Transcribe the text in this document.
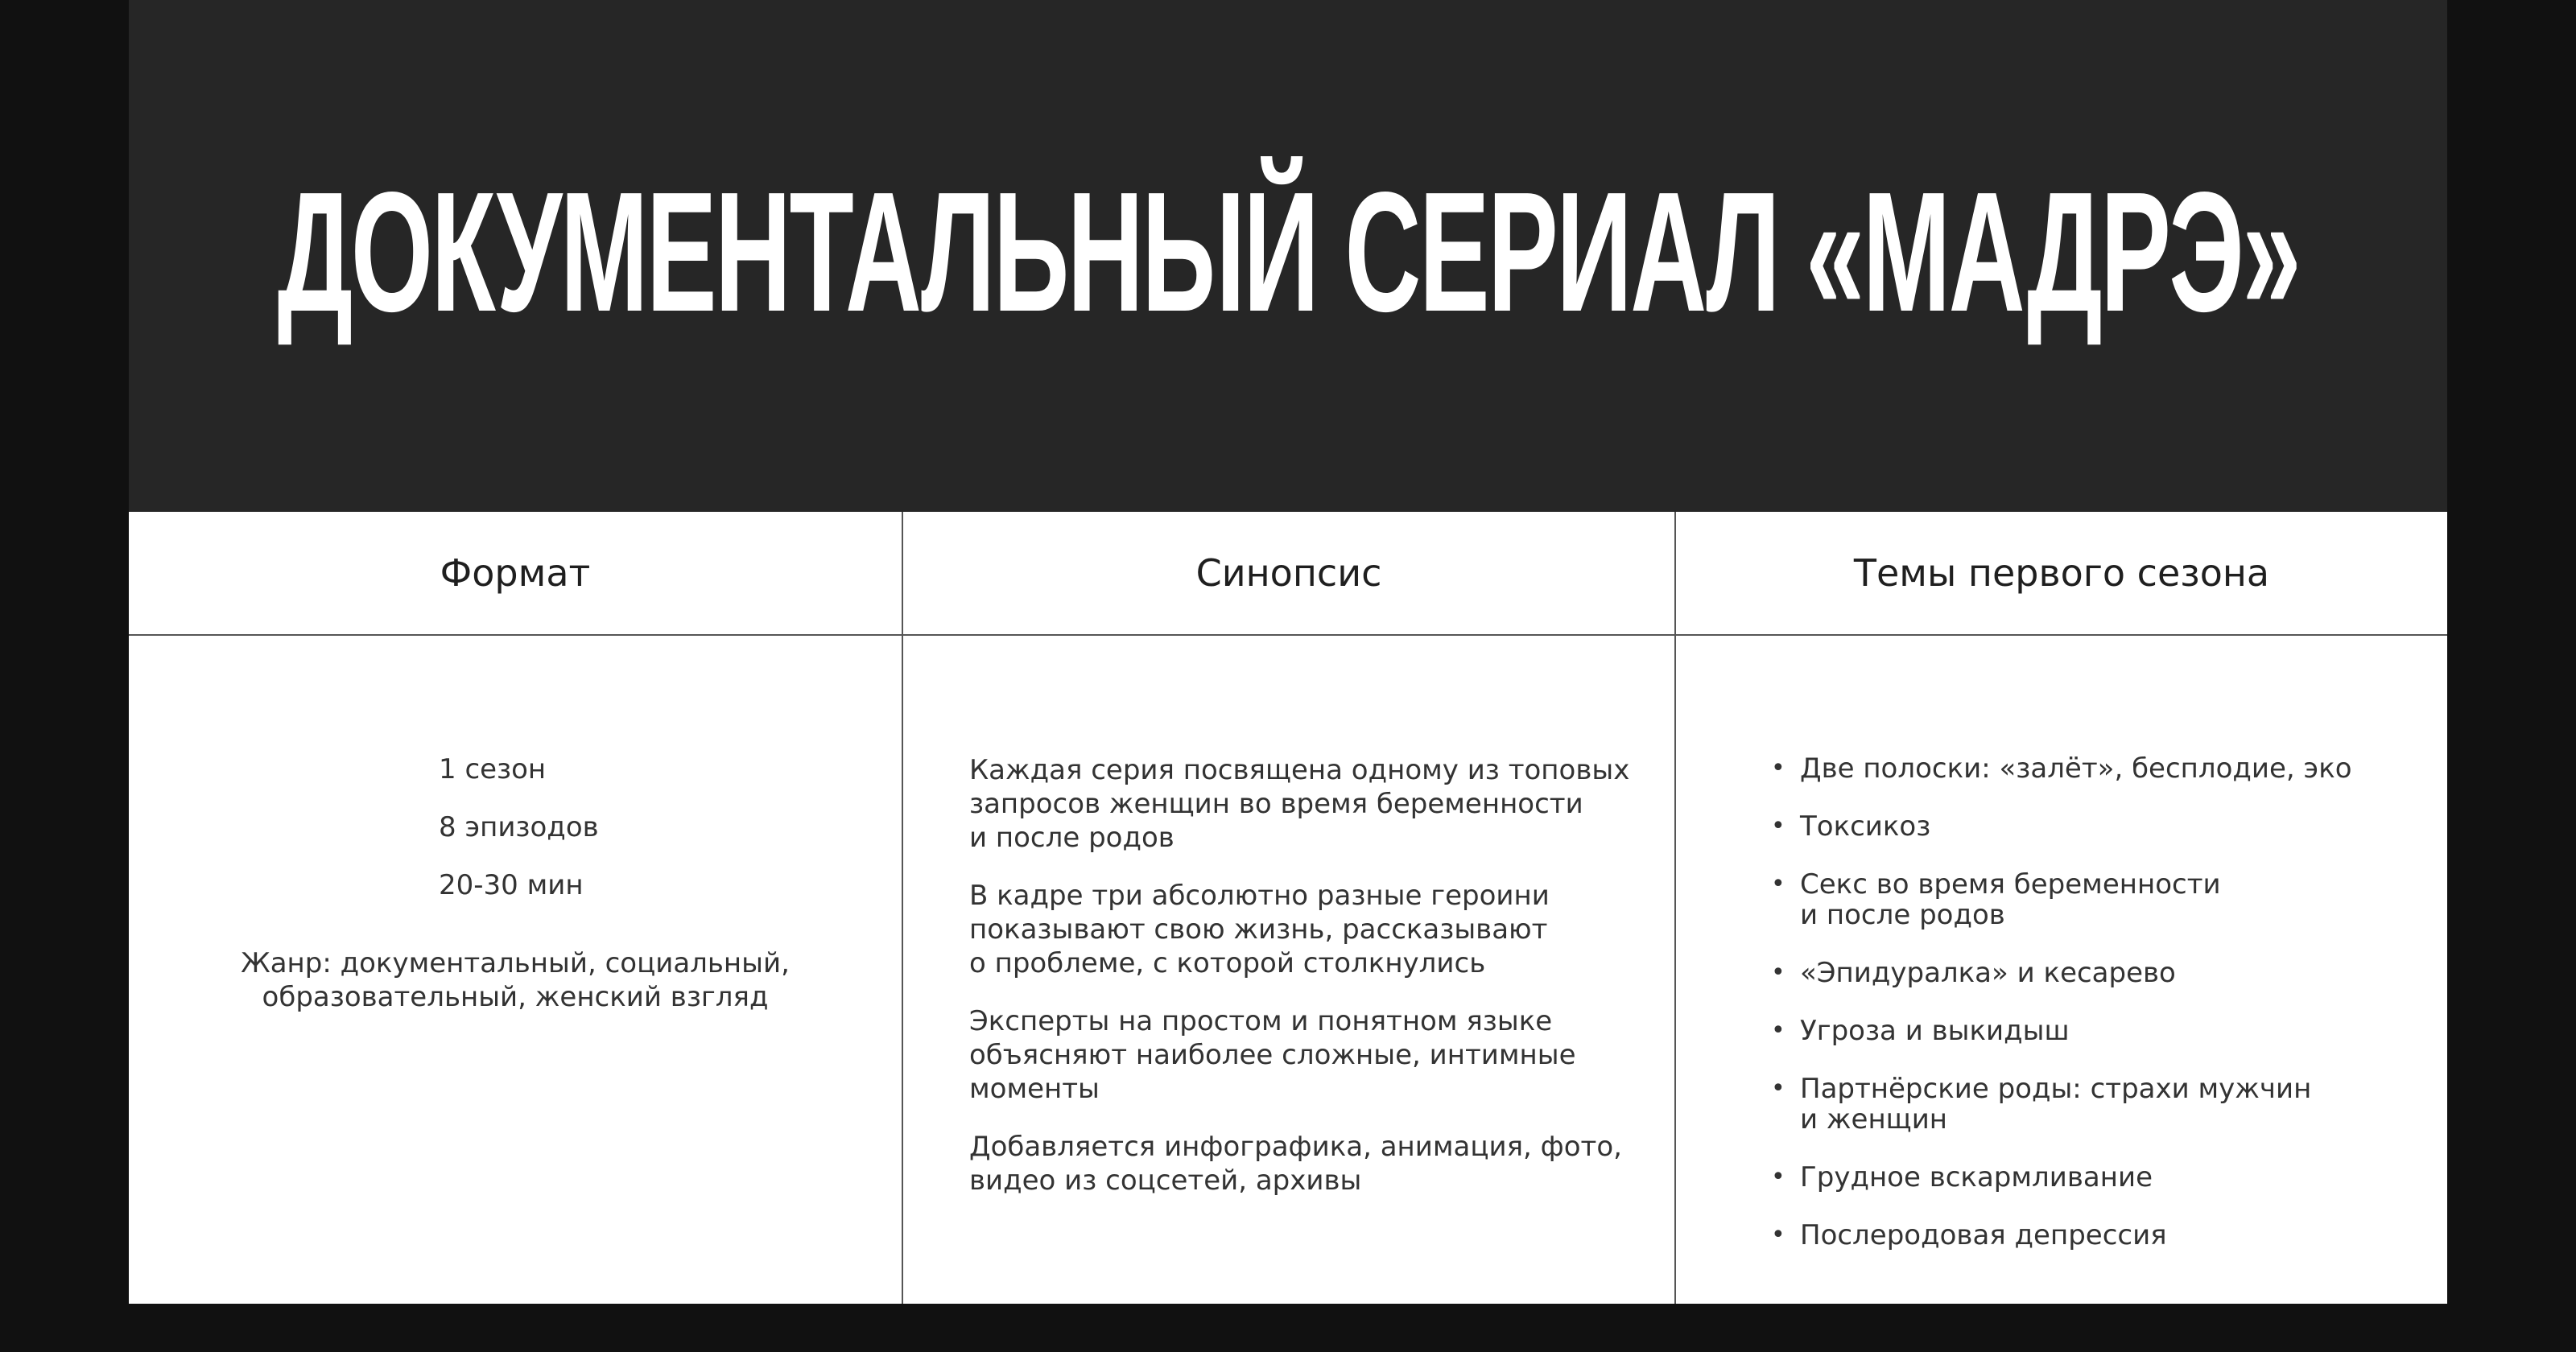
ДОКУМЕНТАЛЬНЫЙ СЕРИАЛ «МАДРЭ»
Формат	Синопсис	Темы первого сезона
1 сезон
8 эпизодов
20-30 мин
Жанр: документальный, социальный,
образовательный, женский взгляд

Каждая серия посвящена одному из топовых
запросов женщин во время беременности
и после родов

В кадре три абсолютно разные героини
показывают свою жизнь, рассказывают
о проблеме, с которой столкнулись

Эксперты на простом и понятном языке
объясняют наиболее сложные, интимные
моменты

Добавляется инфографика, анимация, фото,
видео из соцсетей, архивы

• Две полоски: «залёт», бесплодие, эко
• Токсикоз
• Секс во время беременности
и после родов
• «Эпидуралка» и кесарево
• Угроза и выкидыш
• Партнёрские роды: страхи мужчин
и женщин
• Грудное вскармливание
• Послеродовая депрессия
